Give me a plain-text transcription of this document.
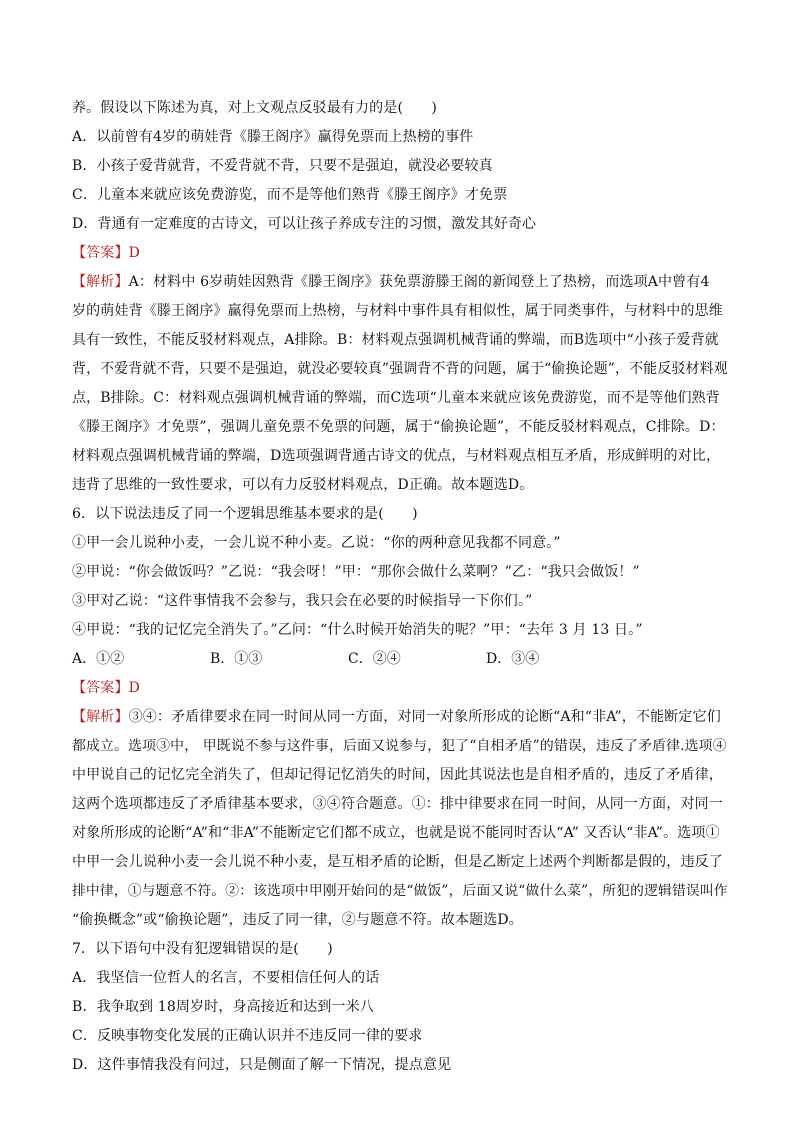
养。假设以下陈述为真，对上文观点反驳最有力的是(　　)
A．以前曾有4岁的萌娃背《滕王阁序》赢得免票而上热榜的事件
B．小孩子爱背就背，不爱背就不背，只要不是强迫，就没必要较真
C．儿童本来就应该免费游览，而不是等他们熟背《滕王阁序》才免票
D．背通有一定难度的古诗文，可以让孩子养成专注的习惯，激发其好奇心
【答案】D
【解析】A：材料中 6岁萌娃因熟背《滕王阁序》获免票游滕王阁的新闻登上了热榜，而选项A中曾有4
岁的萌娃背《滕王阁序》赢得免票而上热榜，与材料中事件具有相似性，属于同类事件，与材料中的思维
具有一致性，不能反驳材料观点，A排除。B：材料观点强调机械背诵的弊端，而B选项中“小孩子爱背就
背，不爱背就不背，只要不是强迫，就没必要较真”强调背不背的问题，属于“偷换论题”，不能反驳材料观
点，B排除。C：材料观点强调机械背诵的弊端，而C选项“儿童本来就应该免费游览，而不是等他们熟背
《滕王阁序》才免票”，强调儿童免票不免票的问题，属于“偷换论题”，不能反驳材料观点，C排除。D：
材料观点强调机械背诵的弊端，D选项强调背通古诗文的优点，与材料观点相互矛盾，形成鲜明的对比，
违背了思维的一致性要求，可以有力反驳材料观点，D正确。故本题选D。
6．以下说法违反了同一个逻辑思维基本要求的是(　　)
①甲一会儿说种小麦，一会儿说不种小麦。乙说：“你的两种意见我都不同意。”
②甲说：“你会做饭吗？”乙说：“我会呀！”甲：“那你会做什么菜啊？”乙：“我只会做饭！”
③甲对乙说：“这件事情我不会参与，我只会在必要的时候指导一下你们。”
④甲说：“我的记忆完全消失了。”乙问：“什么时候开始消失的呢？”甲：“去年 3 月 13 日。”
A．①②	B．①③	C．②④	D．③④
【答案】D
【解析】③④：矛盾律要求在同一时间从同一方面，对同一对象所形成的论断“A和“非A”，不能断定它们
都成立。选项③中， 甲既说不参与这件事，后面又说参与，犯了“自相矛盾”的错误，违反了矛盾律.选项④
中甲说自己的记忆完全消失了，但却记得记忆消失的时间，因此其说法也是自相矛盾的，违反了矛盾律，
这两个选项都违反了矛盾律基本要求，③④符合题意。①：排中律要求在同一时间，从同一方面，对同一
对象所形成的论断“A”和“非A”不能断定它们都不成立，也就是说不能同时否认“A” 又否认“非A”。选项①
中甲一会儿说种小麦一会儿说不种小麦，是互相矛盾的论断，但是乙断定上述两个判断都是假的，违反了
排中律，①与题意不符。②：该选项中甲刚开始问的是“做饭”，后面又说“做什么菜”，所犯的逻辑错误叫作
“偷换概念”或“偷换论题”，违反了同一律，②与题意不符。故本题选D。
7．以下语句中没有犯逻辑错误的是(　　)
A．我坚信一位哲人的名言，不要相信任何人的话
B．我争取到 18周岁时，身高接近和达到一米八
C．反映事物变化发展的正确认识并不违反同一律的要求
D．这件事情我没有问过，只是侧面了解一下情况，提点意见
